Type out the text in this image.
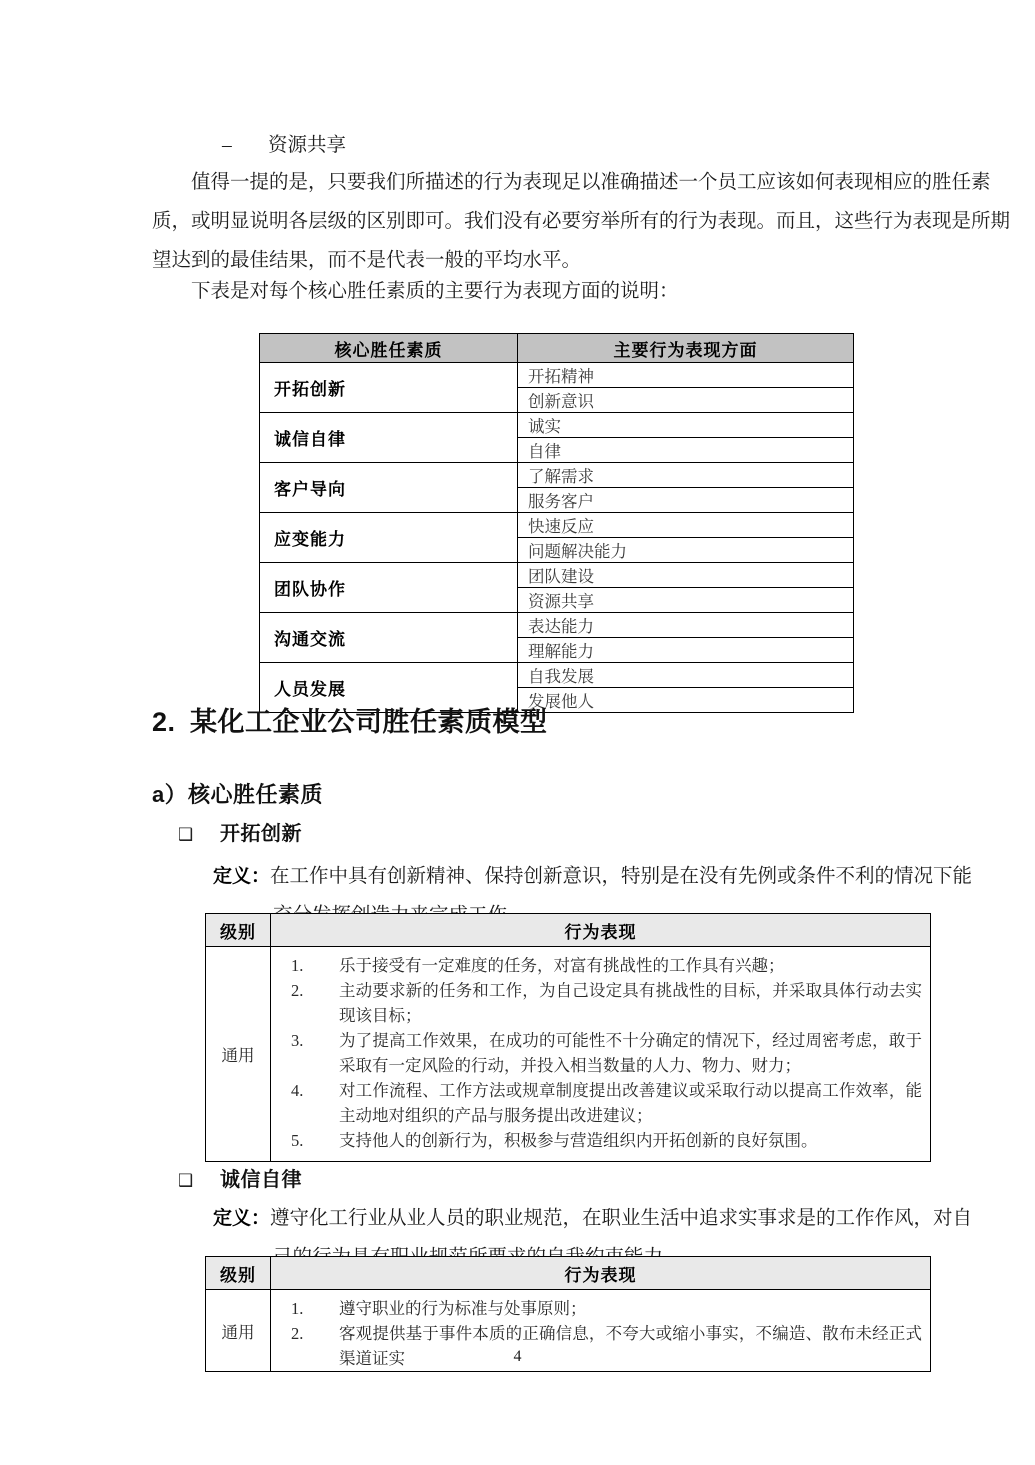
– 资源共享
　　值得一提的是，只要我们所描述的行为表现足以准确描述一个员工应该如何表现相应的胜任素
质，或明显说明各层级的区别即可。我们没有必要穷举所有的行为表现。而且，这些行为表现是所期
望达到的最佳结果，而不是代表一般的平均水平。
　　下表是对每个核心胜任素质的主要行为表现方面的说明：
核心胜任素质	主要行为表现方面
开拓创新	开拓精神
	创新意识
诚信自律	诚实
	自律
客户导向	了解需求
	服务客户
应变能力	快速反应
	问题解决能力
团队协作	团队建设
	资源共享
沟通交流	表达能力
	理解能力
人员发展	自我发展
	发展他人
2. 某化工企业公司胜任素质模型
a）核心胜任素质
❑ 开拓创新
定义：在工作中具有创新精神、保持创新意识，特别是在没有先例或条件不利的情况下能
级别	行为表现
通用	
1.	乐于接受有一定难度的任务，对富有挑战性的工作具有兴趣；
2.	主动要求新的任务和工作，为自己设定具有挑战性的目标，并采取具体行动去实现该目标；
3.	为了提高工作效果，在成功的可能性不十分确定的情况下，经过周密考虑，敢于采取有一定风险的行动，并投入相当数量的人力、物力、财力；
4.	对工作流程、工作方法或规章制度提出改善建议或采取行动以提高工作效率，能主动地对组织的产品与服务提出改进建议；
5.	支持他人的创新行为，积极参与营造组织内开拓创新的良好氛围。
❑ 诚信自律
定义：遵守化工行业从业人员的职业规范，在职业生活中追求实事求是的工作作风，对自
级别	行为表现
通用	
1.	遵守职业的行为标准与处事原则；
2.	客观提供基于事件本质的正确信息，不夸大或缩小事实，不编造、散布未经正式渠道证实	4
